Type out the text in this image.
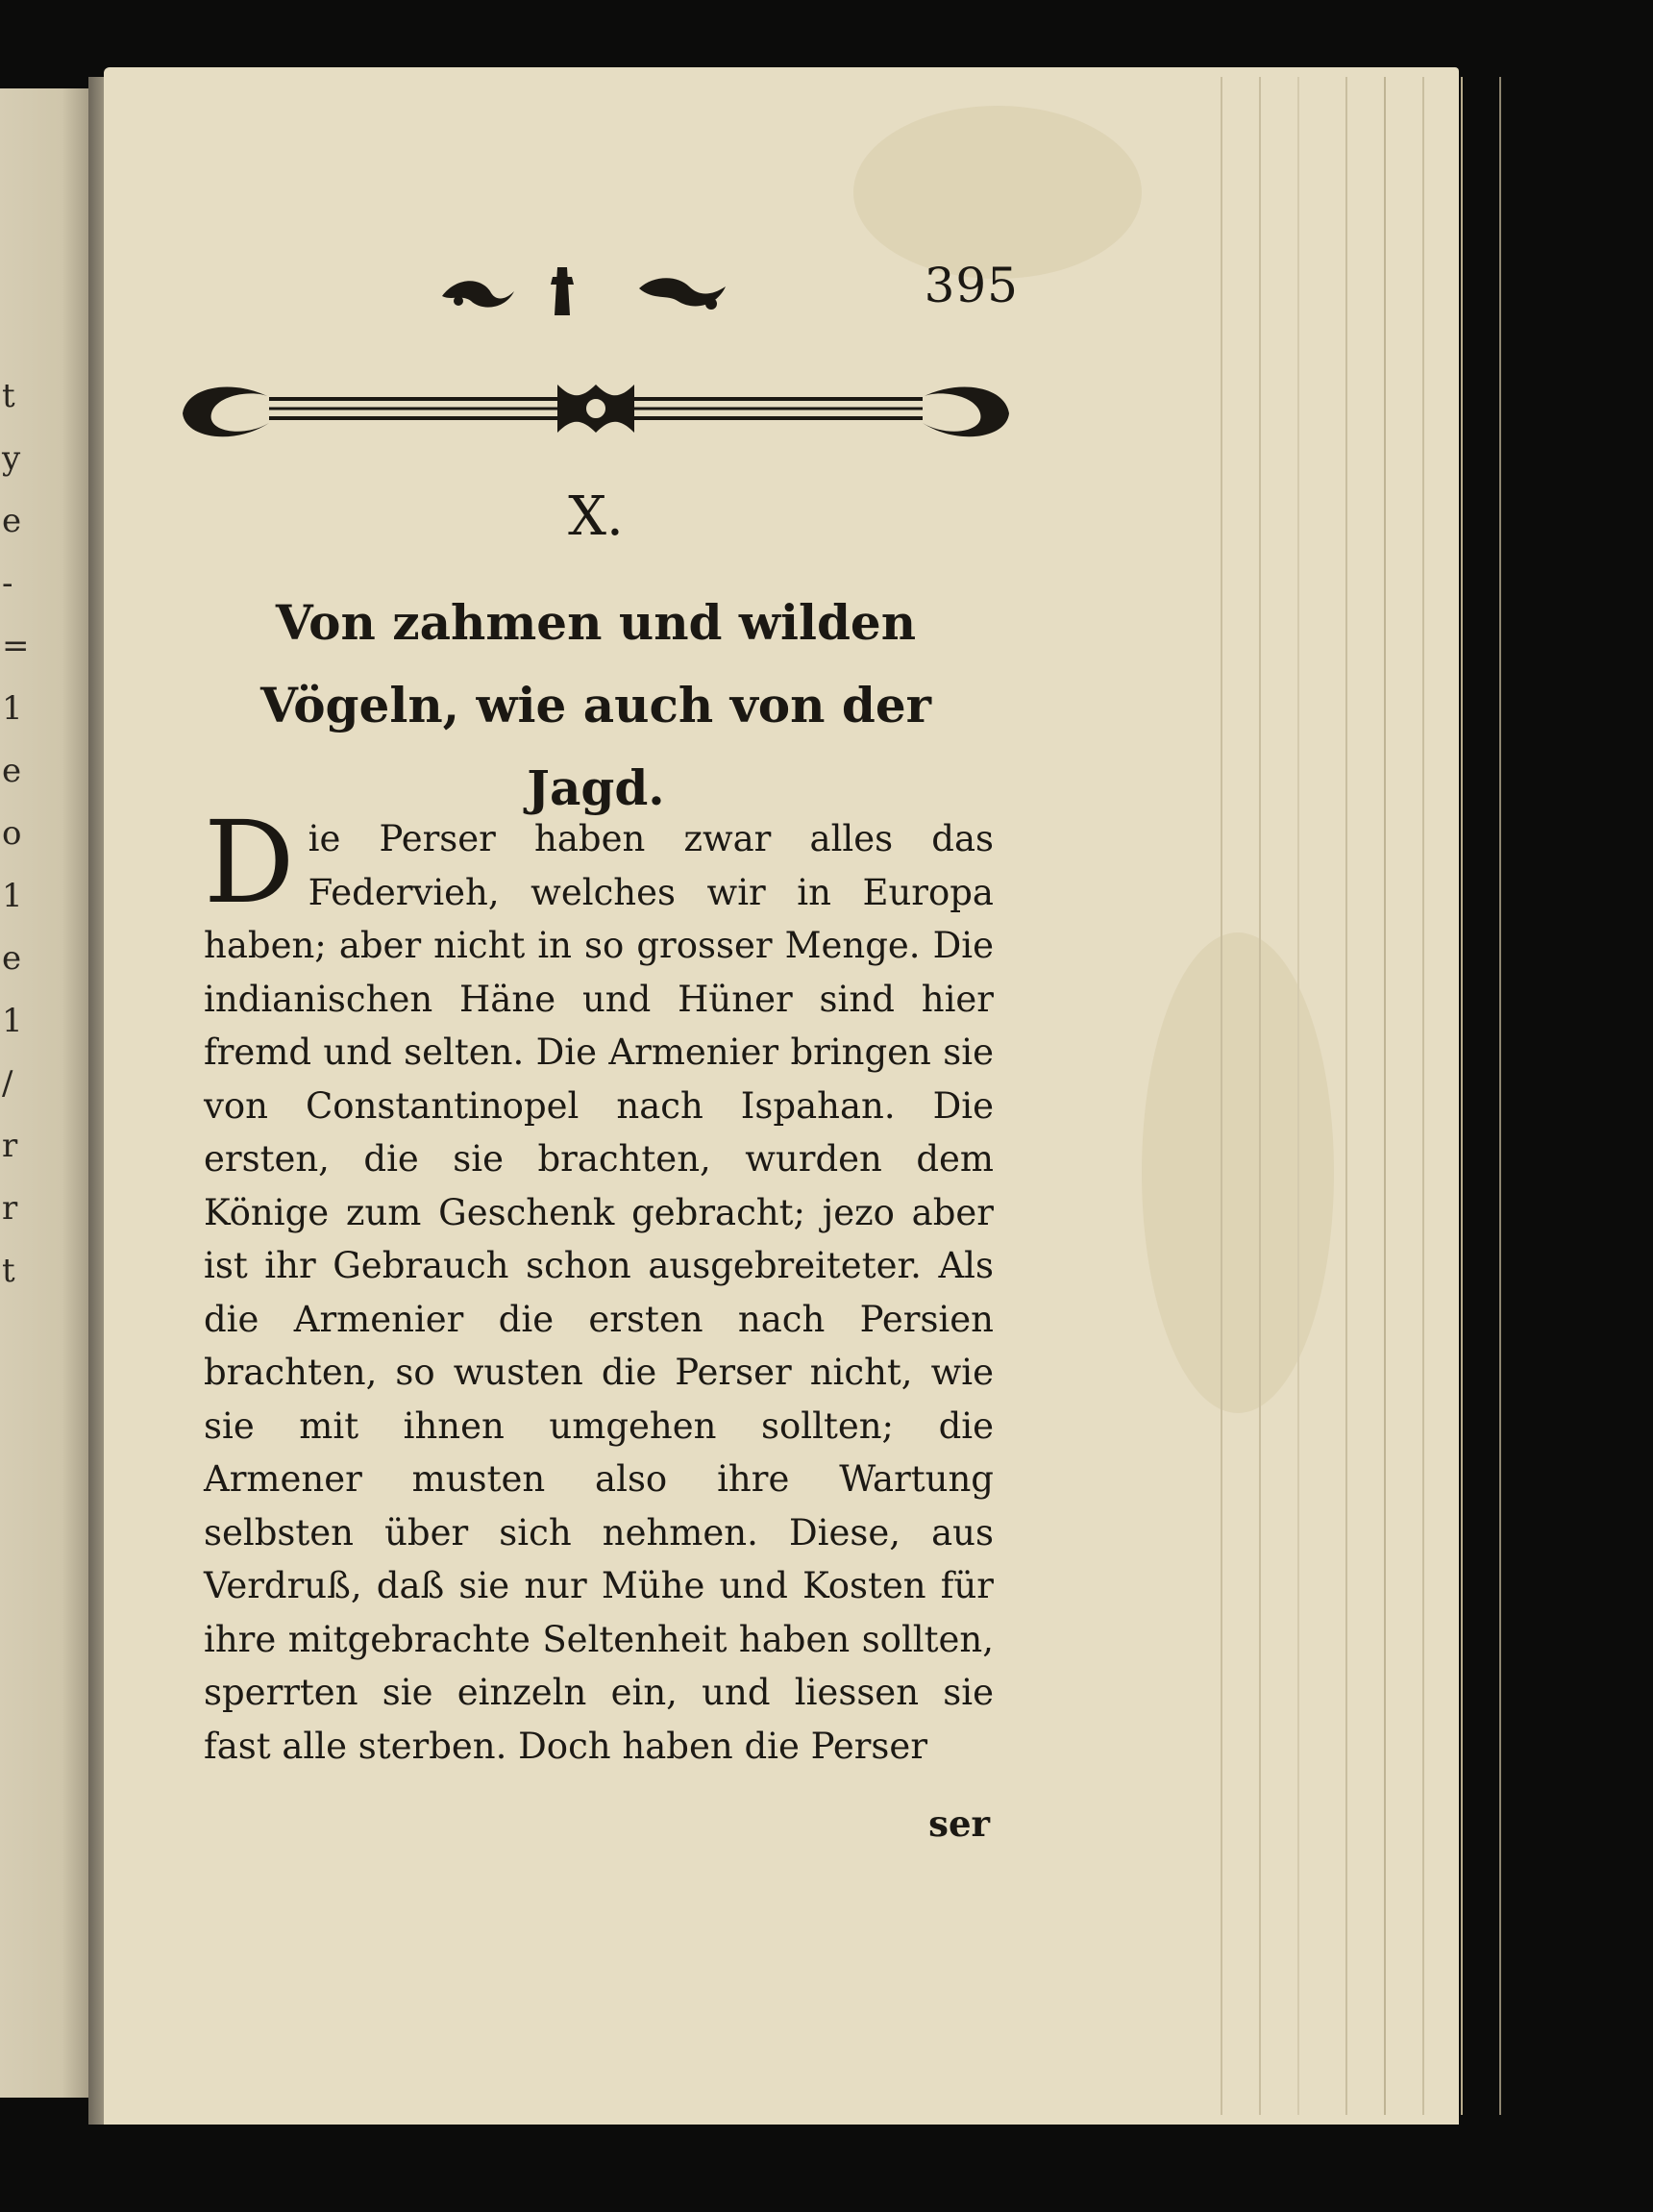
t
y
e
-
=
1
e
o
1
e
1
/
r
r
t
395
X.
Von zahmen und wilden Vögeln, wie auch von der Jagd.
Die Perser haben zwar alles das Federvieh, welches wir in Europa haben; aber nicht in so grosser Menge. Die indianischen Häne und Hüner sind hier fremd und selten. Die Armenier bringen sie von Constantinopel nach Ispahan. Die ersten, die sie brachten, wurden dem Könige zum Geschenk gebracht; jezo aber ist ihr Gebrauch schon ausgebreiteter. Als die Armenier die ersten nach Persien brachten, so wusten die Perser nicht, wie sie mit ihnen umgehen sollten; die Armener musten also ihre Wartung selbsten über sich nehmen. Diese, aus Verdruß, daß sie nur Mühe und Kosten für ihre mitgebrachte Seltenheit haben sollten, sperrten sie einzeln ein, und liessen sie fast alle sterben. Doch haben die Perser
ser
